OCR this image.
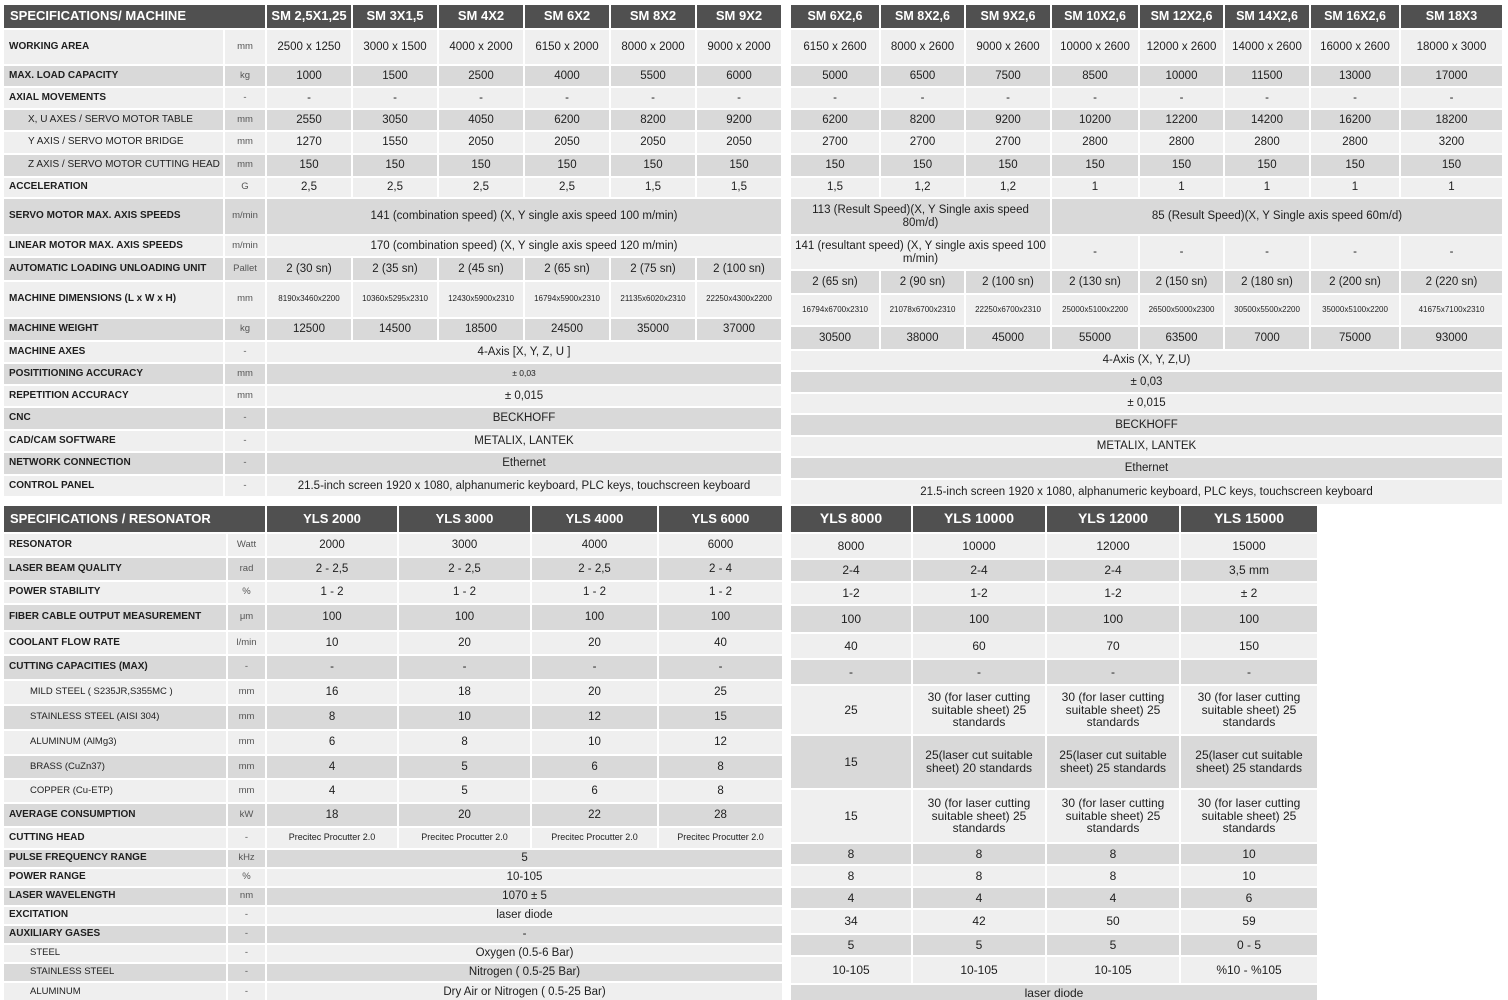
SPECIFICATIONS/ MACHINE		SM 2,5X1,25	SM 3X1,5	SM 4X2	SM 6X2	SM 8X2	SM 9X2
WORKING AREA	mm	2500 x 1250	3000 x 1500	4000 x 2000	6150 x 2000	8000 x 2000	9000 x 2000
MAX. LOAD CAPACITY	kg	1000	1500	2500	4000	5500	6000
AXIAL MOVEMENTS	-	-	-	-	-	-	-
X, U AXES / SERVO MOTOR TABLE	mm	2550	3050	4050	6200	8200	9200
Y AXIS / SERVO MOTOR BRIDGE	mm	1270	1550	2050	2050	2050	2050
Z AXIS / SERVO MOTOR CUTTING HEAD	mm	150	150	150	150	150	150
ACCELERATION	G	2,5	2,5	2,5	2,5	1,5	1,5
SERVO MOTOR MAX. AXIS SPEEDS	m/min	141 (combination speed) (X, Y single axis speed 100 m/min)					
LINEAR MOTOR MAX. AXIS SPEEDS	m/min	170 (combination speed) (X, Y single axis speed 120 m/min)					
AUTOMATIC LOADING UNLOADING UNIT	Pallet	2 (30 sn)	2 (35 sn)	2 (45 sn)	2 (65 sn)	2 (75 sn)	2 (100 sn)
MACHINE DIMENSIONS (L x W x H)	mm	8190x3460x2200	10360x5295x2310	12430x5900x2310	16794x5900x2310	21135x6020x2310	22250x4300x2200
MACHINE WEIGHT	kg	12500	14500	18500	24500	35000	37000
MACHINE AXES	-	4-Axis [X, Y, Z, U ]					
POSITITIONING ACCURACY	mm	± 0,03					
REPETITION ACCURACY	mm	± 0,015					
CNC	-	BECKHOFF					
CAD/CAM SOFTWARE	-	METALIX, LANTEK					
NETWORK CONNECTION	-	Ethernet					
CONTROL PANEL	-	21.5-inch screen 1920 x 1080, alphanumeric keyboard, PLC keys, touchscreen keyboard					
SM 6X2,6	SM 8X2,6	SM 9X2,6	SM 10X2,6	SM 12X2,6	SM 14X2,6	SM 16X2,6	SM 18X3
6150 x 2600	8000 x 2600	9000 x 2600	10000 x 2600	12000 x 2600	14000 x 2600	16000 x 2600	18000 x 3000
5000	6500	7500	8500	10000	11500	13000	17000
-	-	-	-	-	-	-	-
6200	8200	9200	10200	12200	14200	16200	18200
2700	2700	2700	2800	2800	2800	2800	3200
150	150	150	150	150	150	150	150
1,5	1,2	1,2	1	1	1	1	1
113 (Result Speed)(X, Y Single axis speed 80m/d)			85 (Result Speed)(X, Y Single axis speed 60m/d)				
141 (resultant speed) (X, Y single axis speed 100 m/min)			-	-	-	-	-
2 (65 sn)	2 (90 sn)	2 (100 sn)	2 (130 sn)	2 (150 sn)	2 (180 sn)	2 (200 sn)	2 (220 sn)
16794x6700x2310	21078x6700x2310	22250x6700x2310	25000x5100x2200	26500x5000x2300	30500x5500x2200	35000x5100x2200	41675x7100x2310
30500	38000	45000	55000	63500	7000	75000	93000
4-Axis (X, Y, Z,U)							
± 0,03							
± 0,015							
BECKHOFF							
METALIX, LANTEK							
Ethernet							
21.5-inch screen 1920 x 1080, alphanumeric keyboard, PLC keys, touchscreen keyboard							
SPECIFICATIONS / RESONATOR		YLS 2000	YLS 3000	YLS 4000	YLS 6000
RESONATOR	Watt	2000	3000	4000	6000
LASER BEAM QUALITY	rad	2 - 2,5	2 - 2,5	2 - 2,5	2 - 4
POWER STABILITY	%	1 - 2	1 - 2	1 - 2	1 - 2
FIBER CABLE OUTPUT MEASUREMENT	μm	100	100	100	100
COOLANT FLOW RATE	l/min	10	20	20	40
CUTTING CAPACITIES (MAX)	-	-	-	-	-
MILD STEEL ( S235JR,S355MC )	mm	16	18	20	25
STAINLESS STEEL (AISI 304)	mm	8	10	12	15
ALUMINUM (AlMg3)	mm	6	8	10	12
BRASS (CuZn37)	mm	4	5	6	8
COPPER (Cu-ETP)	mm	4	5	6	8
AVERAGE CONSUMPTION	kW	18	20	22	28
CUTTING HEAD	-	Precitec Procutter 2.0	Precitec Procutter 2.0	Precitec Procutter 2.0	Precitec Procutter 2.0
PULSE FREQUENCY RANGE	kHz	5			
POWER RANGE	%	10-105			
LASER WAVELENGTH	nm	1070 ± 5			
EXCITATION	-	laser diode			
AUXILIARY GASES	-	-			
STEEL	-	Oxygen (0.5-6 Bar)			
STAINLESS STEEL	-	Nitrogen ( 0.5-25 Bar)			
ALUMINUM	-	Dry Air or Nitrogen ( 0.5-25 Bar)			
YLS 8000	YLS 10000	YLS 12000	YLS 15000
8000	10000	12000	15000
2-4	2-4	2-4	3,5 mm
1-2	1-2	1-2	± 2
100	100	100	100
40	60	70	150
-	-	-	-
25	30 (for laser cutting suitable sheet) 25 standards	30 (for laser cutting suitable sheet) 25 standards	30 (for laser cutting suitable sheet) 25 standards
15	25(laser cut suitable sheet) 20 standards	25(laser cut suitable sheet) 25 standards	25(laser cut suitable sheet) 25 standards
15	30 (for laser cutting suitable sheet) 25 standards	30 (for laser cutting suitable sheet) 25 standards	30 (for laser cutting suitable sheet) 25 standards
8	8	8	10
8	8	8	10
4	4	4	6
34	42	50	59
5	5	5	0 - 5
10-105	10-105	10-105	%10 - %105
laser diode			
